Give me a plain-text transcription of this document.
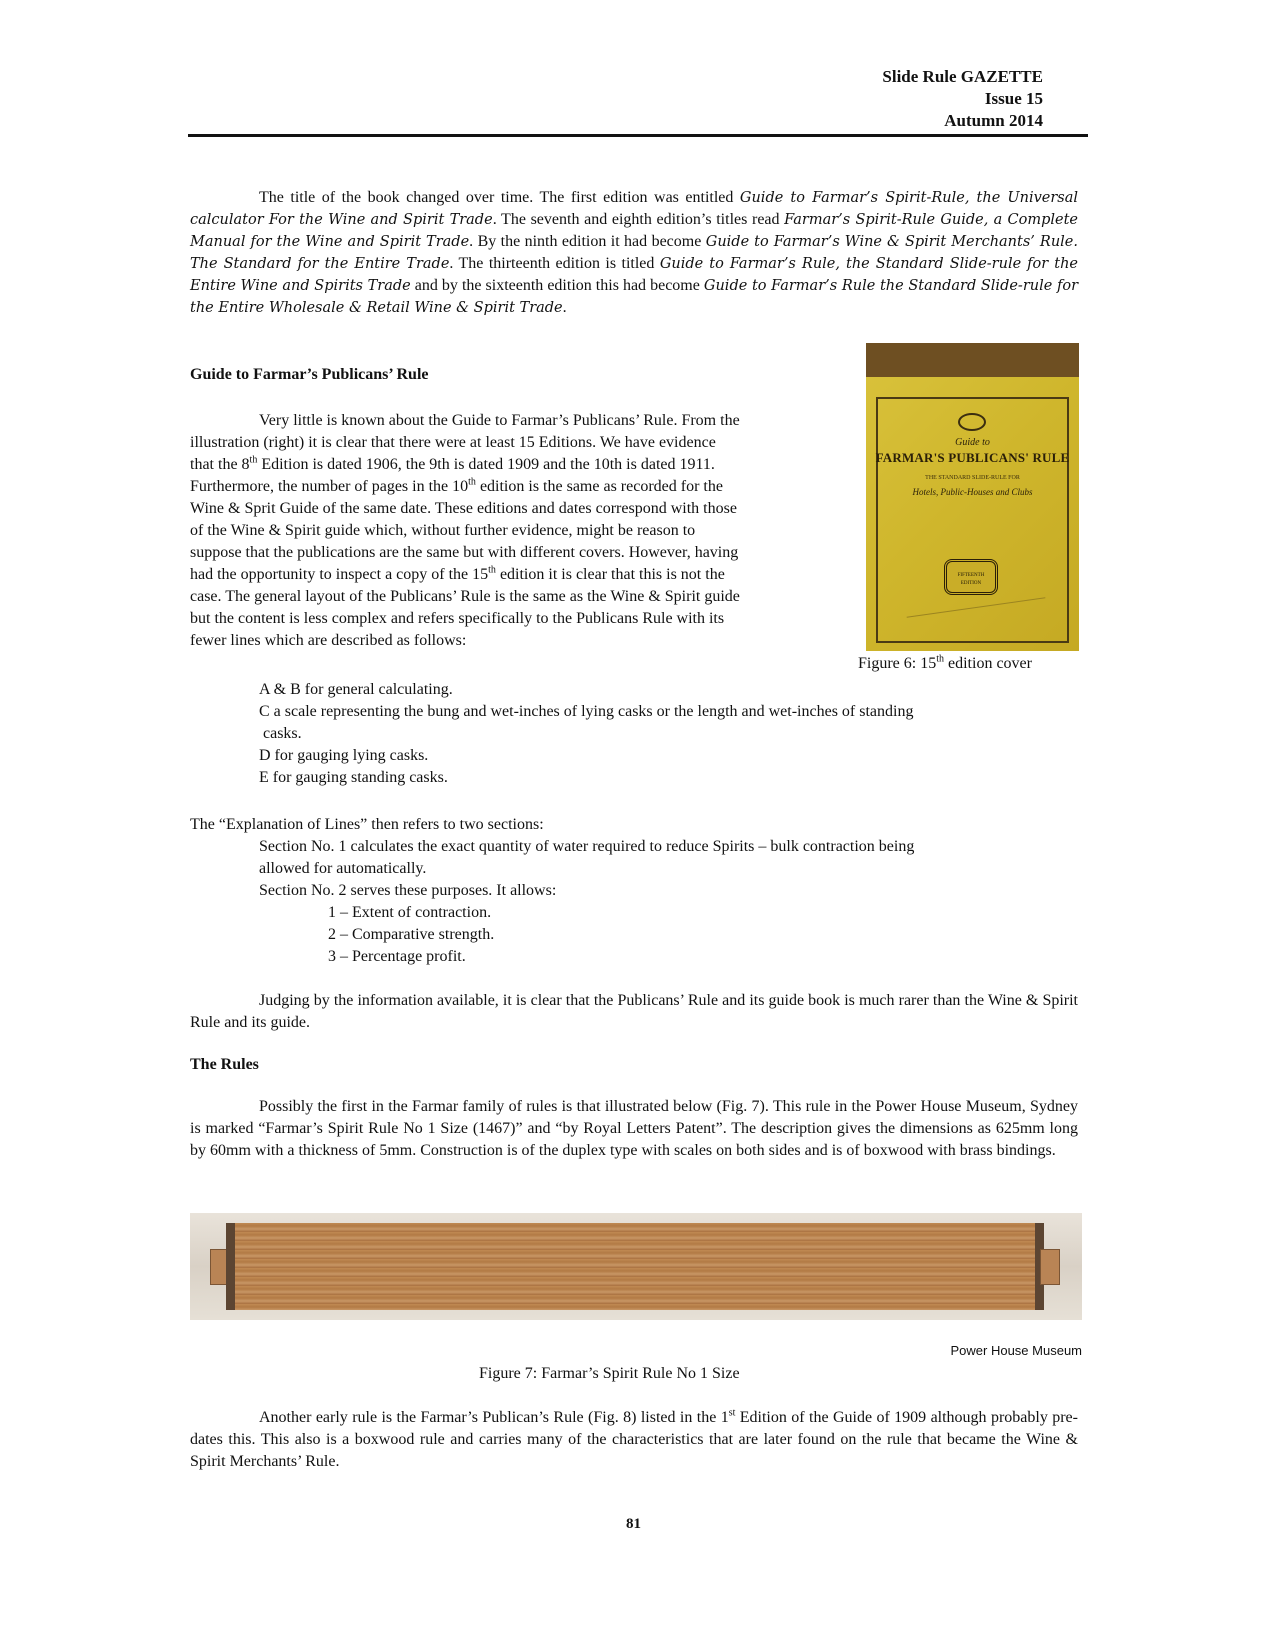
Slide Rule GAZETTE
Issue 15
Autumn 2014
The title of the book changed over time. The first edition was entitled Guide to Farmar’s Spirit-Rule, the Universal calculator For the Wine and Spirit Trade. The seventh and eighth edition’s titles read Farmar’s Spirit-Rule Guide, a Complete Manual for the Wine and Spirit Trade. By the ninth edition it had become Guide to Farmar’s Wine & Spirit Merchants’ Rule. The Standard for the Entire Trade. The thirteenth edition is titled Guide to Farmar’s Rule, the Standard Slide-rule for the Entire Wine and Spirits Trade and by the sixteenth edition this had become Guide to Farmar’s Rule the Standard Slide-rule for the Entire Wholesale & Retail Wine & Spirit Trade.
Guide to Farmar’s Publicans’ Rule
Very little is known about the Guide to Farmar’s Publicans’ Rule. From the
illustration (right) it is clear that there were at least 15 Editions. We have evidence
that the 8th Edition is dated 1906, the 9th is dated 1909 and the 10th is dated 1911.
Furthermore, the number of pages in the 10th edition is the same as recorded for the
Wine & Sprit Guide of the same date. These editions and dates correspond with those
of the Wine & Spirit guide which, without further evidence, might be reason to
suppose that the publications are the same but with different covers. However, having
had the opportunity to inspect a copy of the 15th edition it is clear that this is not the
case. The general layout of the Publicans’ Rule is the same as the Wine & Spirit guide
but the content is less complex and refers specifically to the Publicans Rule with its
fewer lines which are described as follows:
Guide to
FARMAR'S PUBLICANS' RULE
THE STANDARD SLIDE-RULE FOR
Hotels, Public-Houses and Clubs
FIFTEENTH EDITION
Figure 6: 15th edition cover
A & B for general calculating.
C a scale representing the bung and wet-inches of lying casks or the length and wet-inches of standing
casks.
D for gauging lying casks.
E for gauging standing casks.
The “Explanation of Lines” then refers to two sections:
Section No. 1 calculates the exact quantity of water required to reduce Spirits – bulk contraction being
allowed for automatically.
Section No. 2 serves these purposes. It allows:
1 – Extent of contraction.
2 – Comparative strength.
3 – Percentage profit.
Judging by the information available, it is clear that the Publicans’ Rule and its guide book is much rarer than the Wine & Spirit Rule and its guide.
The Rules
Possibly the first in the Farmar family of rules is that illustrated below (Fig. 7). This rule in the Power House Museum, Sydney is marked “Farmar’s Spirit Rule No 1 Size (1467)” and “by Royal Letters Patent”. The description gives the dimensions as 625mm long by 60mm with a thickness of 5mm. Construction is of the duplex type with scales on both sides and is of boxwood with brass bindings.
Power House Museum
Figure 7: Farmar’s Spirit Rule No 1 Size
Another early rule is the Farmar’s Publican’s Rule (Fig. 8) listed in the 1st Edition of the Guide of 1909 although probably pre-dates this. This also is a boxwood rule and carries many of the characteristics that are later found on the rule that became the Wine & Spirit Merchants’ Rule.
81
